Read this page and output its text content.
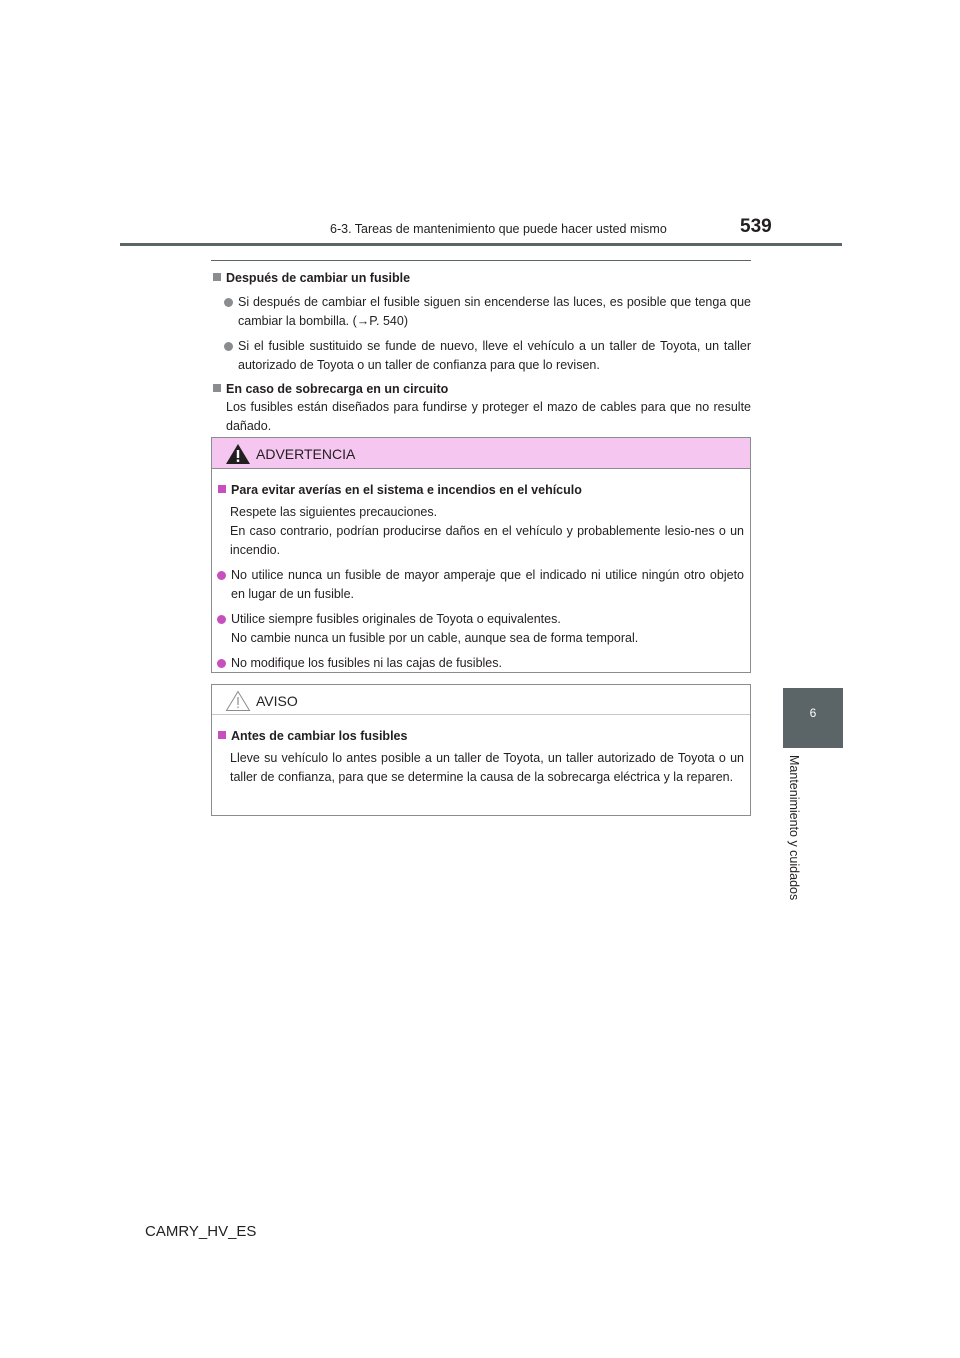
6-3. Tareas de mantenimiento que puede hacer usted mismo	539
6
Mantenimiento y cuidados
Después de cambiar un fusible
Si después de cambiar el fusible siguen sin encenderse las luces, es posible que tenga que cambiar la bombilla. (→P. 540)
Si el fusible sustituido se funde de nuevo, lleve el vehículo a un taller de Toyota, un taller autorizado de Toyota o un taller de confianza para que lo revisen.
En caso de sobrecarga en un circuito
Los fusibles están diseñados para fundirse y proteger el mazo de cables para que no resulte dañado.
ADVERTENCIA
Para evitar averías en el sistema e incendios en el vehículo
Respete las siguientes precauciones.
En caso contrario, podrían producirse daños en el vehículo y probablemente lesio-nes o un incendio.
No utilice nunca un fusible de mayor amperaje que el indicado ni utilice ningún otro objeto en lugar de un fusible.
Utilice siempre fusibles originales de Toyota o equivalentes.
No cambie nunca un fusible por un cable, aunque sea de forma temporal.
No modifique los fusibles ni las cajas de fusibles.
AVISO
Antes de cambiar los fusibles
Lleve su vehículo lo antes posible a un taller de Toyota, un taller autorizado de Toyota o un taller de confianza, para que se determine la causa de la sobrecarga eléctrica y la reparen.
CAMRY_HV_ES
